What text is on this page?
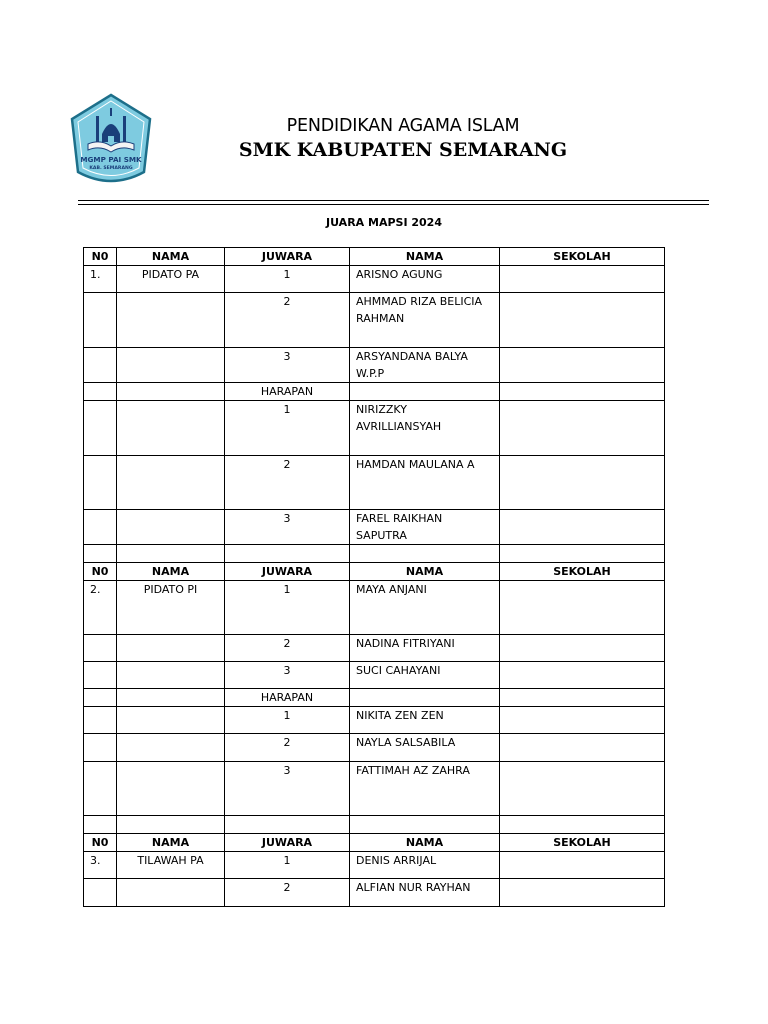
MGMP PAI SMK
KAB. SEMARANG
PENDIDIKAN AGAMA ISLAM
SMK KABUPATEN SEMARANG
JUARA MAPSI 2024
N0	NAMA	JUWARA	NAMA	SEKOLAH
1.	PIDATO PA	1	ARISNO AGUNG	
		2	AHMMAD RIZA BELICIA RAHMAN	
		3	ARSYANDANA BALYA W.P.P	
		HARAPAN		
		1	NIRIZZKY AVRILLIANSYAH	
		2	HAMDAN MAULANA A	
		3	FAREL RAIKHAN SAPUTRA	

N0	NAMA	JUWARA	NAMA	SEKOLAH
2.	PIDATO PI	1	MAYA ANJANI	
		2	NADINA FITRIYANI	
		3	SUCI CAHAYANI	
		HARAPAN		
		1	NIKITA ZEN ZEN	
		2	NAYLA SALSABILA	
		3	FATTIMAH AZ ZAHRA	

N0	NAMA	JUWARA	NAMA	SEKOLAH
3.	TILAWAH PA	1	DENIS ARRIJAL	
		2	ALFIAN NUR RAYHAN	
